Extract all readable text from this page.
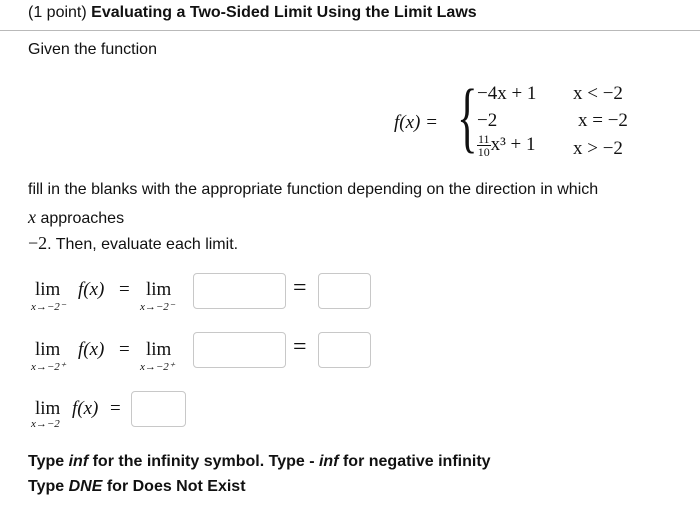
(1 point) Evaluating a Two-Sided Limit Using the Limit Laws
Given the function
f(x) = { −4x + 1 x < −2
−2	x = −2
$\frac{11}{10} x^3 + 1$ x > −2
fill in the blanks with the appropriate function depending on the direction in which
x approaches
−2. Then, evaluate each limit.
lim f(x) = lim
x→−2⁻	x→−2⁻
=
lim f(x) = lim
x→−2⁺	x→−2⁺
=
lim f(x) =
x→−2
Type inf for the infinity symbol. Type - inf for negative infinity
Type DNE for Does Not Exist
